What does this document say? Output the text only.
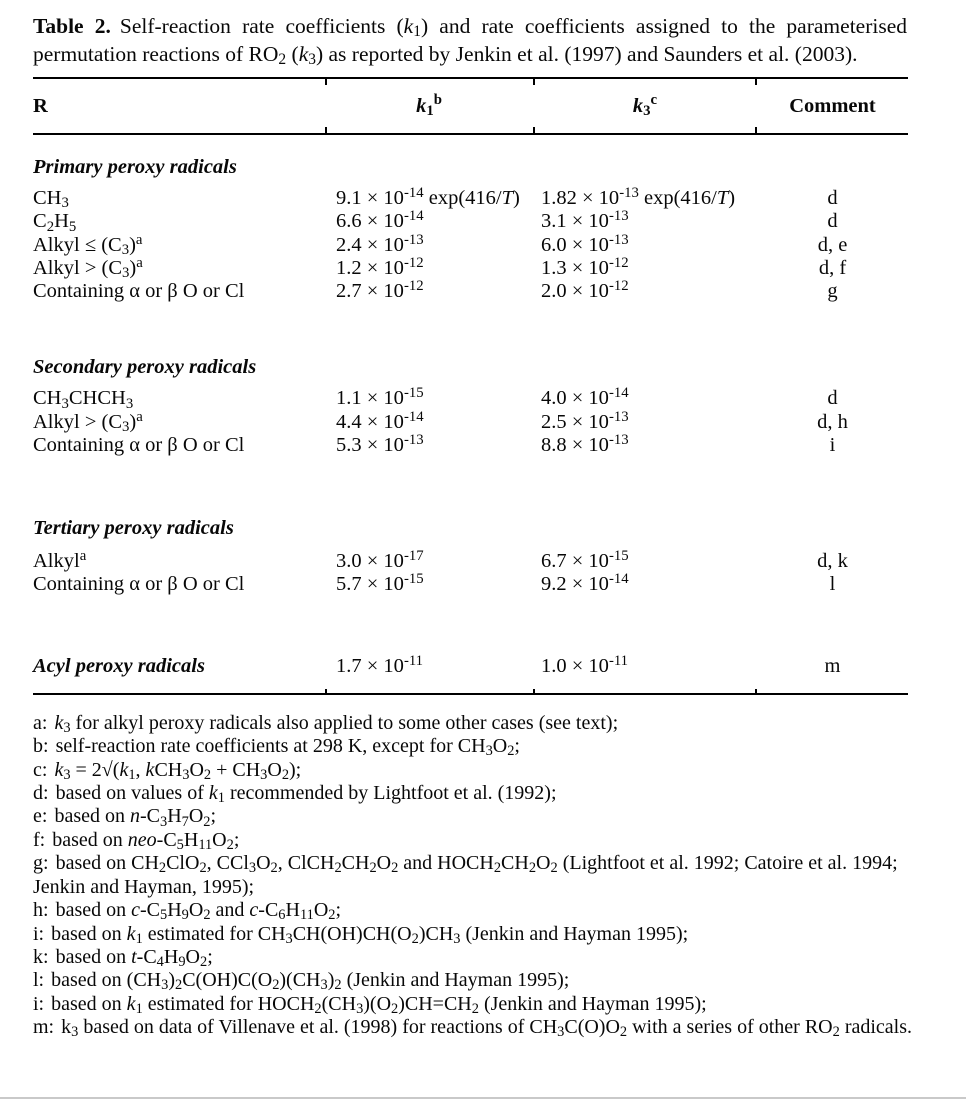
Table 2. Self-reaction rate coefficients $(k_1)$ and rate coefficients assigned to the parameterised permutation reactions of $RO_2$ $(k_3)$ as reported by Jenkin et al. (1997) and Saunders et al. (2003).

R	$k_1^b$	$k_3^c$	Comment
Primary peroxy radicals
$CH_3$	$9.1 \times 10^{-14}$ exp(416/T)	$1.82 \times 10^{-13}$ exp(416/T)	d
$C_2H_5$	$6.6 \times 10^{-14}$	$3.1 \times 10^{-13}$	d
Alkyl ≤ $(C_3)^a$	$2.4 \times 10^{-13}$	$6.0 \times 10^{-13}$	d, e
Alkyl > $(C_3)^a$	$1.2 \times 10^{-12}$	$1.3 \times 10^{-12}$	d, f
Containing α or β O or Cl	$2.7 \times 10^{-12}$	$2.0 \times 10^{-12}$	g
Secondary peroxy radicals
$CH_3CHCH_3$	$1.1 \times 10^{-15}$	$4.0 \times 10^{-14}$	d
Alkyl > $(C_3)^a$	$4.4 \times 10^{-14}$	$2.5 \times 10^{-13}$	d, h
Containing α or β O or Cl	$5.3 \times 10^{-13}$	$8.8 \times 10^{-13}$	i
Tertiary peroxy radicals
Alkyl$^a$	$3.0 \times 10^{-17}$	$6.7 \times 10^{-15}$	d, k
Containing α or β O or Cl	$5.7 \times 10^{-15}$	$9.2 \times 10^{-14}$	l
Acyl peroxy radicals	$1.7 \times 10^{-11}$	$1.0 \times 10^{-11}$	m
a: $k_3$ for alkyl peroxy radicals also applied to some other cases (see text);
b: self-reaction rate coefficients at 298 K, except for $CH_3O_2$;
c: $k_3 = 2√(k_1$, $kCH_3O_2 + CH_3O_2$);
d: based on values of $k_1$ recommended by Lightfoot et al. (1992);
e: based on $n-C_3H_7O_2$;
f: based on neo-$C_5H_{11}O_2$;
g: based on $CH_2ClO_2$, $CCl_3O_2$, $ClCH_2CH_2O_2$ and $HOCH_2CH_2O_2$ (Lightfoot et al. 1992; Catoire et al. 1994; Jenkin and Hayman, 1995);
h: based on $c-C_5H_9O_2$ and $c-C_6H_{11}O_2$;
i: based on $k_1$ estimated for $CH_3CH(OH)CH(O_2)CH_3$ (Jenkin and Hayman 1995);
k: based on $t-C_4H_9O_2$;
l: based on $(CH_3)_2C(OH)C(O_2)(CH_3)_2$ (Jenkin and Hayman 1995);
i: based on $k_1$ estimated for $HOCH_2(CH_3)(O_2)CH=CH_2$ (Jenkin and Hayman 1995);
m: $k_3$ based on data of Villenave et al. (1998) for reactions of $CH_3C(O)O_2$ with a series of other $RO_2$ radicals.
